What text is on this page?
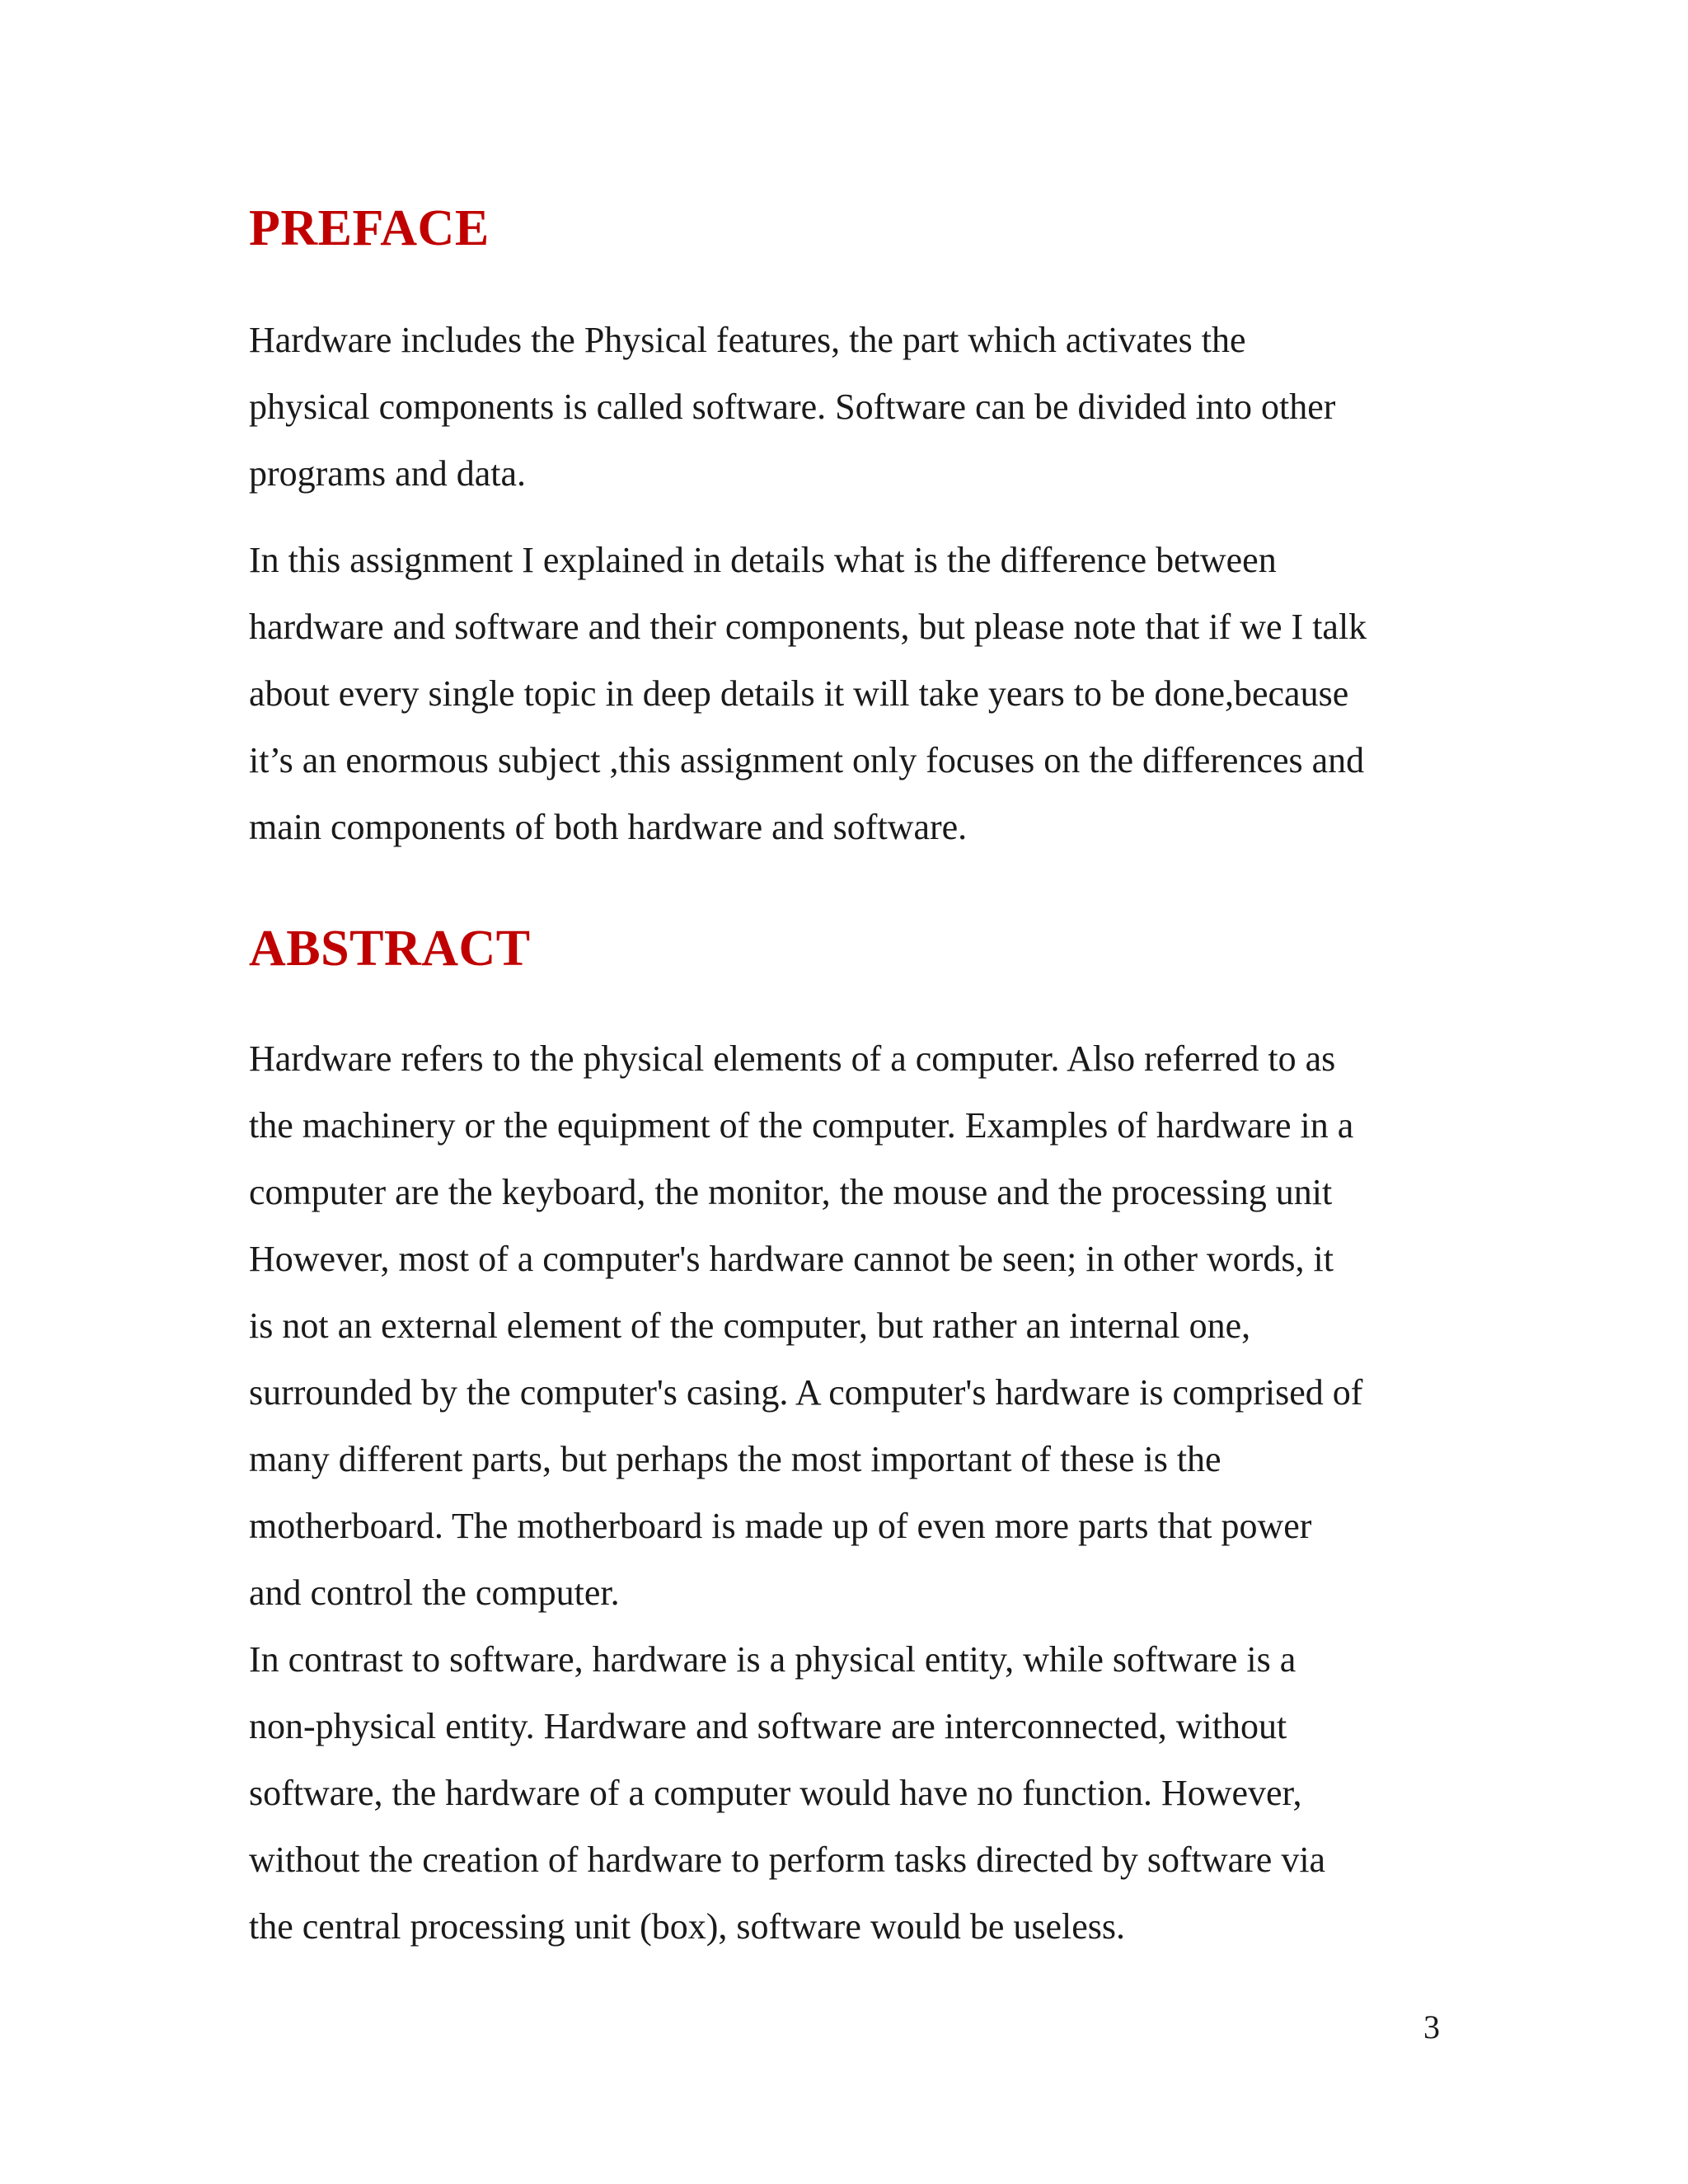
PREFACE

Hardware includes the Physical features, the part which activates the
physical components is called software. Software can be divided into other
programs and data.

In this assignment I explained in details what is the difference between
hardware and software and their components, but please note that if we I talk
about every single topic in deep details it will take years to be done,because
it’s an enormous subject ,this assignment only focuses on the differences and
main components of both hardware and software.

ABSTRACT

Hardware refers to the physical elements of a computer. Also referred to as
the machinery or the equipment of the computer. Examples of hardware in a
computer are the keyboard, the monitor, the mouse and the processing unit
However, most of a computer's hardware cannot be seen; in other words, it
is not an external element of the computer, but rather an internal one,
surrounded by the computer's casing. A computer's hardware is comprised of
many different parts, but perhaps the most important of these is the
motherboard. The motherboard is made up of even more parts that power
and control the computer.
In contrast to software, hardware is a physical entity, while software is a
non-physical entity. Hardware and software are interconnected, without
software, the hardware of a computer would have no function. However,
without the creation of hardware to perform tasks directed by software via
the central processing unit (box), software would be useless.

3
